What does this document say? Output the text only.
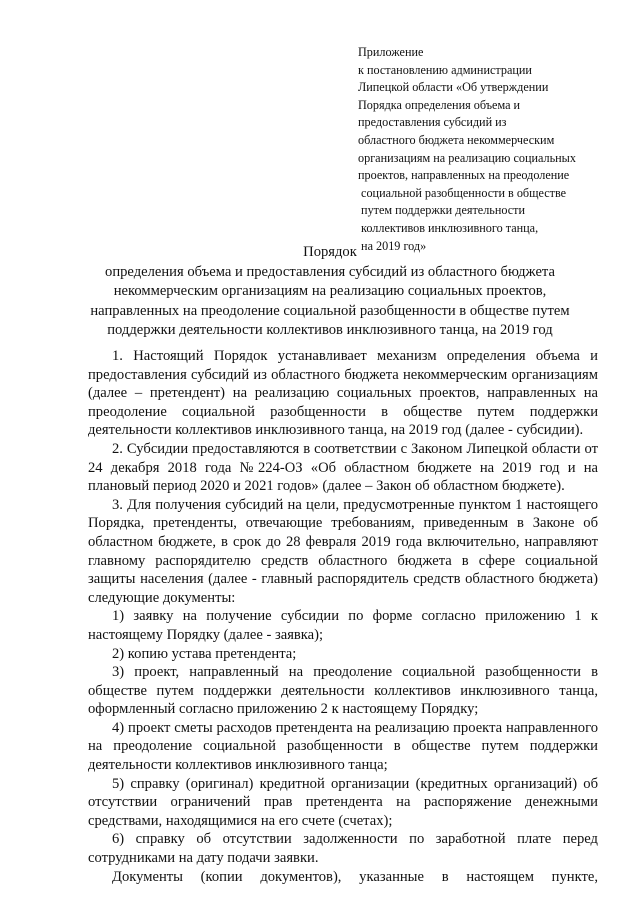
Приложение
к постановлению администрации
Липецкой области «Об утверждении
Порядка определения объема и
предоставления субсидий из
областного бюджета некоммерческим
организациям на реализацию социальных
проектов, направленных на преодоление
социальной разобщенности в обществе
путем поддержки деятельности
коллективов инклюзивного танца,
на 2019 год»
Порядок
определения объема и предоставления субсидий из областного бюджета
некоммерческим организациям на реализацию социальных проектов,
направленных на преодоление социальной разобщенности в обществе путем
поддержки деятельности коллективов инклюзивного танца, на 2019 год

1. Настоящий Порядок устанавливает механизм определения объема и предоставления субсидий из областного бюджета некоммерческим организациям (далее – претендент) на реализацию социальных проектов, направленных на преодоление социальной разобщенности в обществе путем поддержки деятельности коллективов инклюзивного танца, на 2019 год (далее - субсидии).

2. Субсидии предоставляются в соответствии с Законом Липецкой области от 24 декабря 2018 года №224-ОЗ «Об областном бюджете на 2019 год и на плановый период 2020 и 2021 годов» (далее – Закон об областном бюджете).

3. Для получения субсидий на цели, предусмотренные пунктом 1 настоящего Порядка, претенденты, отвечающие требованиям, приведенным в Законе об областном бюджете, в срок до 28 февраля 2019 года включительно, направляют главному распорядителю средств областного бюджета в сфере социальной защиты населения (далее - главный распорядитель средств областного бюджета) следующие документы:

1) заявку на получение субсидии по форме согласно приложению 1 к настоящему Порядку (далее - заявка);

2) копию устава претендента;

3) проект, направленный на преодоление социальной разобщенности в обществе путем поддержки деятельности коллективов инклюзивного танца, оформленный согласно приложению 2 к настоящему Порядку;

4) проект сметы расходов претендента на реализацию проекта направленного на преодоление социальной разобщенности в обществе путем поддержки деятельности коллективов инклюзивного танца;

5) справку (оригинал) кредитной организации (кредитных организаций) об отсутствии ограничений прав претендента на распоряжение денежными средствами, находящимися на его счете (счетах);

6) справку об отсутствии задолженности по заработной плате перед сотрудниками на дату подачи заявки.

Документы (копии документов), указанные в настоящем пункте,
